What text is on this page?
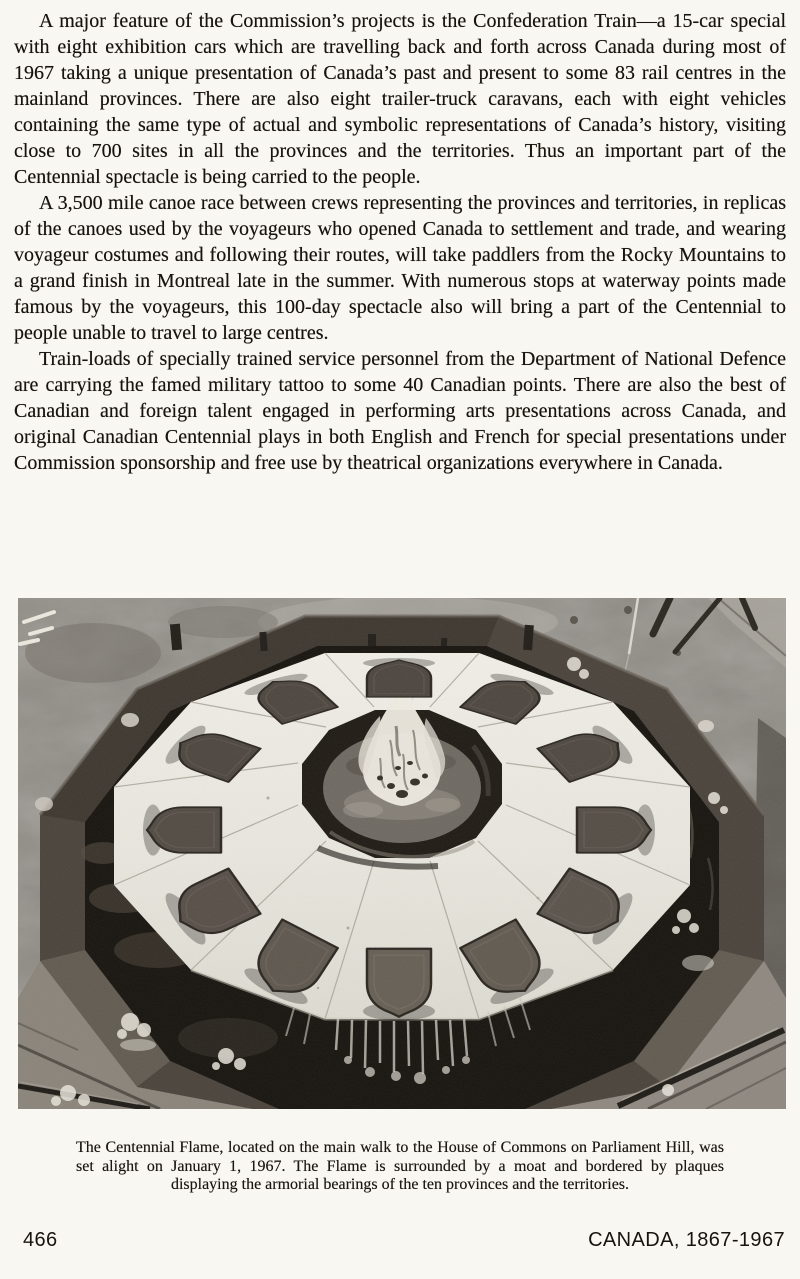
A major feature of the Commission’s projects is the Confederation Train—a 15-car special with eight exhibition cars which are travelling back and forth across Canada during most of 1967 taking a unique presentation of Canada’s past and present to some 83 rail centres in the mainland provinces. There are also eight trailer-truck caravans, each with eight vehicles containing the same type of actual and symbolic representations of Canada’s history, visiting close to 700 sites in all the provinces and the territories. Thus an important part of the Centennial spectacle is being carried to the people.

A 3,500 mile canoe race between crews representing the provinces and territories, in replicas of the canoes used by the voyageurs who opened Canada to settlement and trade, and wearing voyageur costumes and following their routes, will take paddlers from the Rocky Mountains to a grand finish in Montreal late in the summer. With numerous stops at waterway points made famous by the voyageurs, this 100-day spectacle also will bring a part of the Centennial to people unable to travel to large centres.

Train-loads of specially trained service personnel from the Department of National Defence are carrying the famed military tattoo to some 40 Canadian points. There are also the best of Canadian and foreign talent engaged in performing arts presentations across Canada, and original Canadian Centennial plays in both English and French for special presentations under Commission sponsorship and free use by theatrical organizations everywhere in Canada.

The Centennial Flame, located on the main walk to the House of Commons on Parliament Hill, was set alight on January 1, 1967. The Flame is surrounded by a moat and bordered by plaques displaying the armorial bearings of the ten provinces and the territories.

466	CANADA, 1867-1967
